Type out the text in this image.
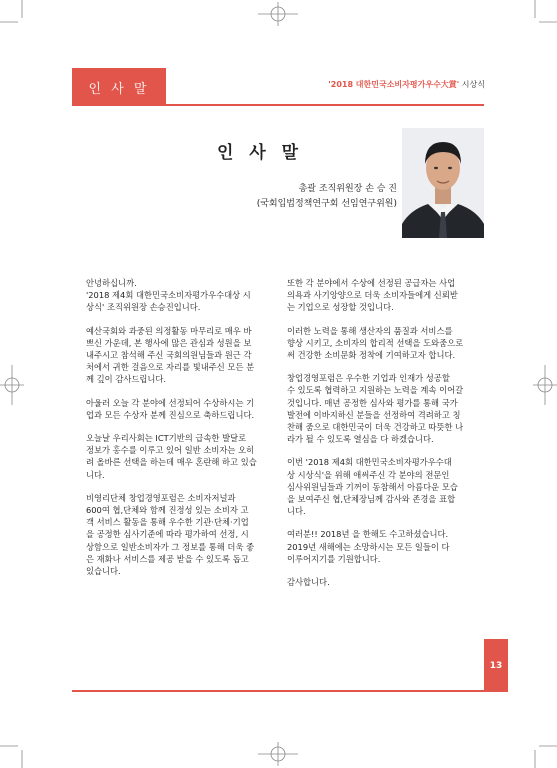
인 사 말	'2018 대한민국소비자평가우수大賞' 시상식
인 사 말
총괄 조직위원장 손 승 진
(국회입법정책연구회 선임연구위원)

안녕하십니까.
'2018 제4회 대한민국소비자평가우수대상 시
상식' 조직위원장 손승진입니다.

예산국회와 과중된 의정활동 마무리로 매우 바
쁘신 가운데, 본 행사에 많은 관심과 성원을 보
내주시고 참석해 주신 국회의원님들과 원근 각
처에서 귀한 걸음으로 자리를 빛내주신 모든 분
께 깊이 감사드립니다.

아울러 오늘 각 분야에 선정되어 수상하시는 기
업과 모든 수상자 분께 진심으로 축하드립니다.

오늘날 우리사회는 ICT기반의 급속한 발달로
정보가 홍수를 이루고 있어 일반 소비자는 오히
려 올바른 선택을 하는데 매우 혼란해 하고 있습
니다.

비영리단체 창업경영포럼은 소비자저널과
600여 협,단체와 함께 진정성 있는 소비자 고
객 서비스 활동을 통해 우수한 기관·단체·기업
을 공정한 심사기준에 따라 평가하여 선정, 시
상함으로 일반소비자가 그 정보를 통해 더욱 좋
은 재화나 서비스를 제공 받을 수 있도록 돕고
있습니다.

또한 각 분야에서 수상에 선정된 공급자는 사업
의욕과 사기앙양으로 더욱 소비자들에게 신뢰받
는 기업으로 성장할 것입니다.

이러한 노력을 통해 생산자의 품질과 서비스를
향상 시키고, 소비자의 합리적 선택을 도와줌으로
써 건강한 소비문화 정착에 기여하고자 합니다.

창업경영포럼은 우수한 기업과 인재가 성공할
수 있도록 협력하고 지원하는 노력을 계속 이어갈
것입니다. 매년 공정한 심사와 평가를 통해 국가
발전에 이바지하신 분들을 선정하여 격려하고 칭
찬해 줌으로 대한민국이 더욱 건강하고 따뜻한 나
라가 될 수 있도록 열심을 다 하겠습니다.

이번 '2018 제4회 대한민국소비자평가우수대
상 시상식'을 위해 애써주신 각 분야의 전문인
심사위원님들과 기꺼이 동참해서 아름다운 모습
을 보여주신 협,단체장님께 감사와 존경을 표합
니다.

여러분!! 2018년 을 한해도 수고하셨습니다.
2019년 새해에는 소망하시는 모든 일들이 다
이루어지기를 기원합니다.

감사합니다.

13
